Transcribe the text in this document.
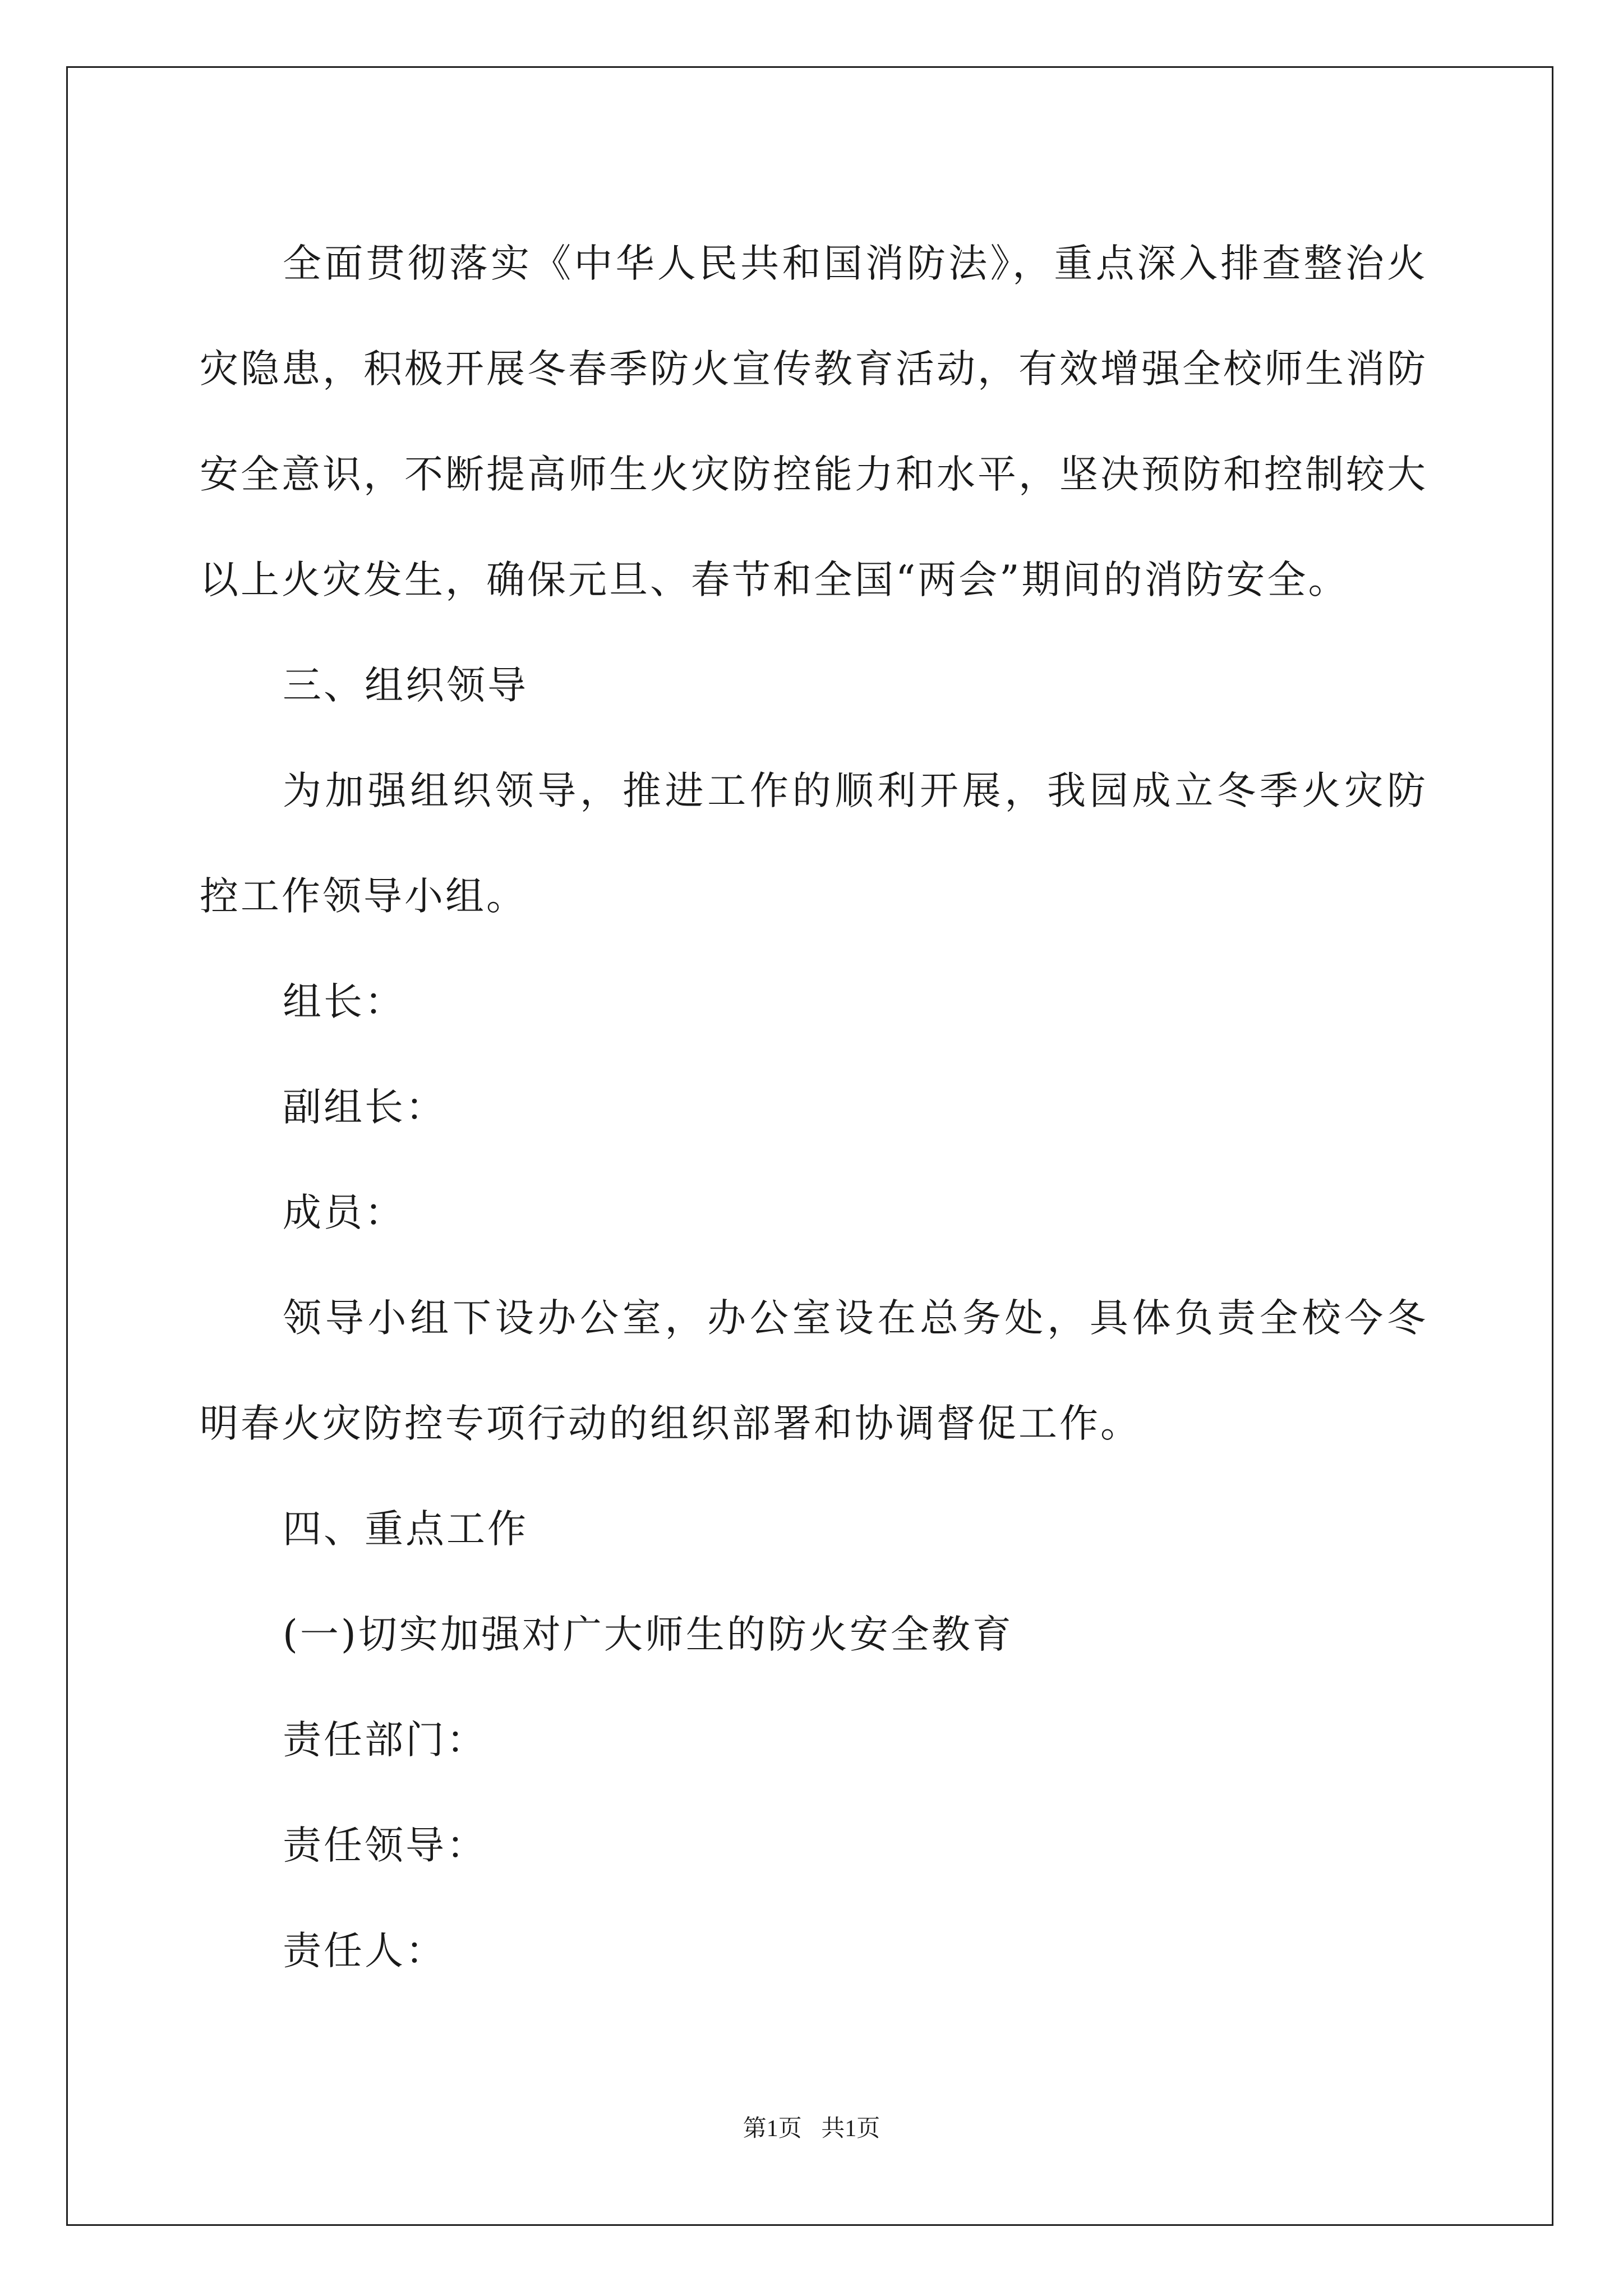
全面贯彻落实《中华人民共和国消防法》，重点深入排查整治火灾隐患，积极开展冬春季防火宣传教育活动，有效增强全校师生消防安全意识，不断提高师生火灾防控能力和水平，坚决预防和控制较大以上火灾发生，确保元旦、春节和全国“两会”期间的消防安全。

三、组织领导

为加强组织领导，推进工作的顺利开展，我园成立冬季火灾防控工作领导小组。

组长：

副组长：

成员：

领导小组下设办公室，办公室设在总务处，具体负责全校今冬明春火灾防控专项行动的组织部署和协调督促工作。

四、重点工作

(一)切实加强对广大师生的防火安全教育

责任部门：

责任领导：

责任人：

第1页 共1页
